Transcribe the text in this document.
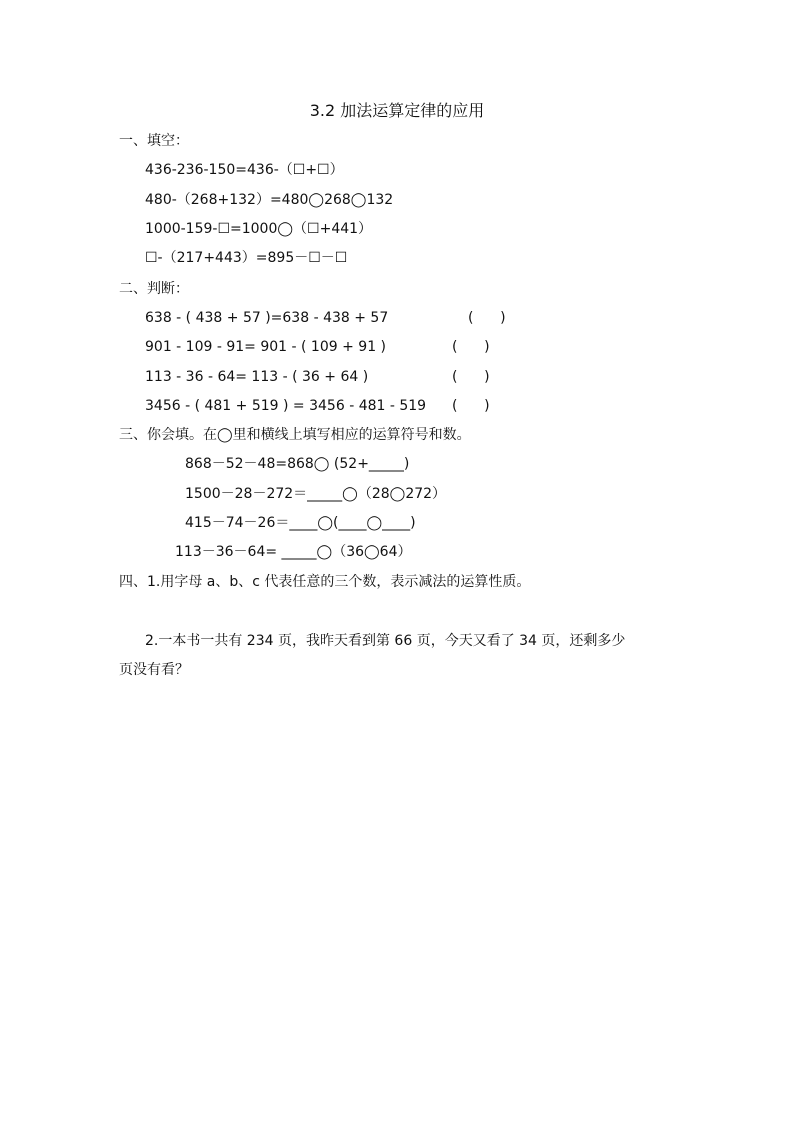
3.2 加法运算定律的应用
一、填空：
436-236-150=436-（☐+☐）
480-（268+132）=480◯268◯132
1000-159-☐=1000◯（☐+441）
☐-（217+443）=895－☐－☐
二、判断：
638 - ( 438 + 57 )=638 - 438 + 57	(      )
901 - 109 - 91= 901 - ( 109 + 91 )	(      )
113 - 36 - 64= 113 - ( 36 + 64 )	(      )
3456 - ( 481 + 519 ) = 3456 - 481 - 519 (      )
三、你会填。在◯里和横线上填写相应的运算符号和数。
868－52－48=868◯ (52+_____)
1500－28－272＝_____◯（28◯272）
415－74－26＝____◯(____◯____)
113－36－64= _____◯（36◯64）
四、1.用字母 a、b、c 代表任意的三个数，表示减法的运算性质。
2.一本书一共有 234 页，我昨天看到第 66 页，今天又看了 34 页，还剩多少
页没有看？
